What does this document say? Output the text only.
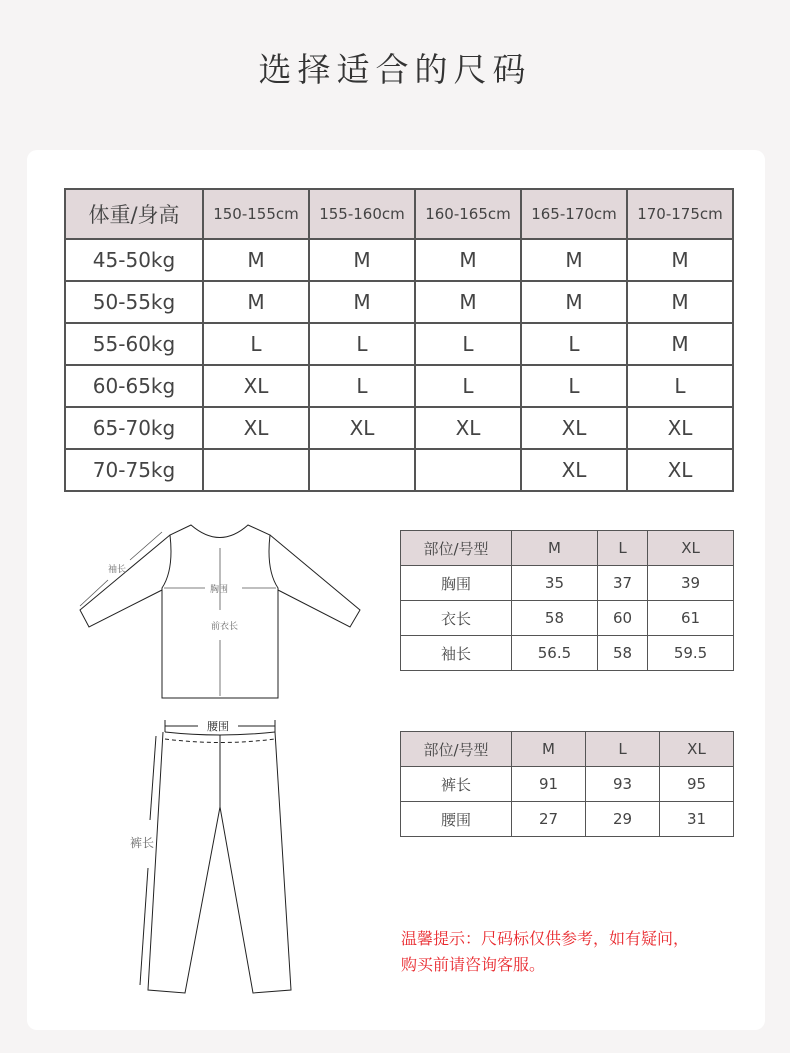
选择适合的尺码
体重/身高	150-155cm	155-160cm	160-165cm	165-170cm	170-175cm
45-50kg	M	M	M	M	M
50-55kg	M	M	M	M	M
55-60kg	L	L	L	L	M
60-65kg	XL	L	L	L	L
65-70kg	XL	XL	XL	XL	XL
70-75kg				XL	XL
胸围
前衣长
袖长
腰围
裤长
部位/号型	M	L	XL
胸围	35	37	39
衣长	58	60	61
袖长	56.5	58	59.5
部位/号型	M	L	XL
裤长	91	93	95
腰围	27	29	31
温馨提示：尺码标仅供参考，如有疑问，
购买前请咨询客服。
